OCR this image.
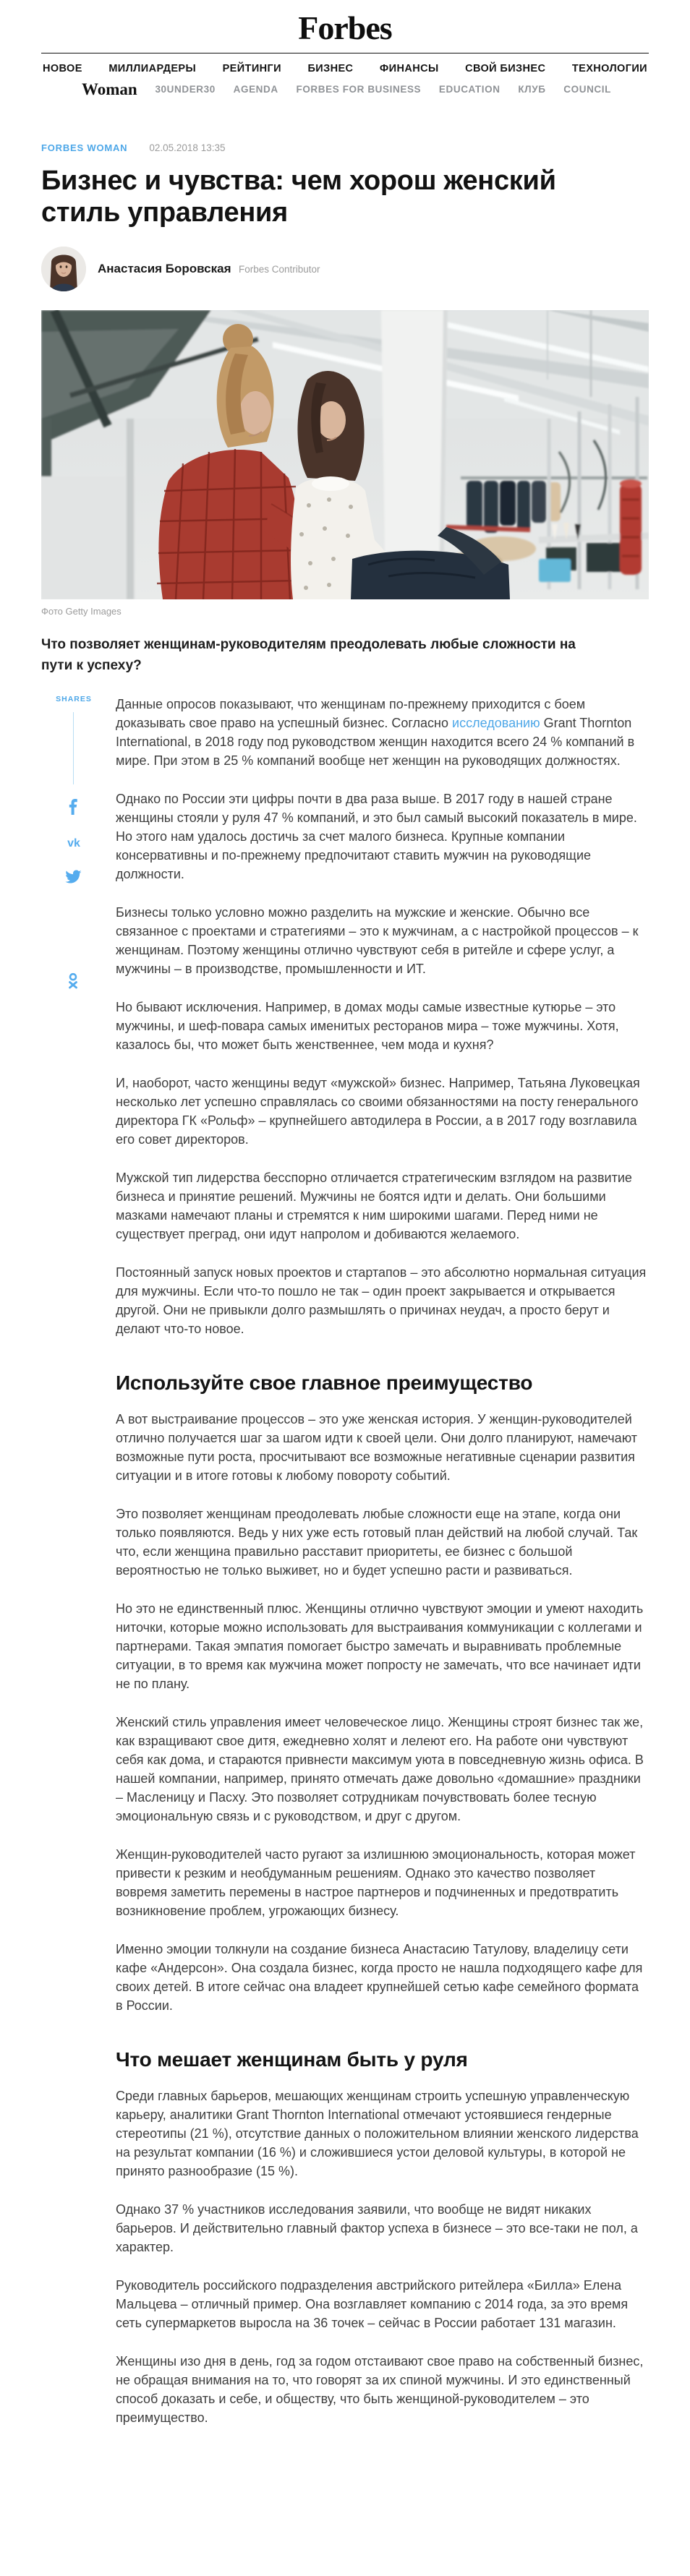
Forbes
НОВОЕ	МИЛЛИАРДЕРЫ	РЕЙТИНГИ	БИЗНЕС	ФИНАНСЫ	СВОЙ БИЗНЕС	ТЕХНОЛОГИИ
Woman 30UNDER30 AGENDA FORBES FOR BUSINESS EDUCATION КЛУБ COUNCIL
FORBES WOMAN 02.05.2018 13:35
Бизнес и чувства: чем хорош женский стиль управления
Анастасия Боровская Forbes Contributor
Фото Getty Images

Что позволяет женщинам-руководителям преодолевать любые сложности на пути к успеху?

SHARES
vk

Данные опросов показывают, что женщинам по-прежнему приходится с боем доказывать свое право на успешный бизнес. Согласно исследованию Grant Thornton International, в 2018 году под руководством женщин находится всего 24 % компаний в мире. При этом в 25 % компаний вообще нет женщин на руководящих должностях.

Однако по России эти цифры почти в два раза выше. В 2017 году в нашей стране женщины стояли у руля 47 % компаний, и это был самый высокий показатель в мире. Но этого нам удалось достичь за счет малого бизнеса. Крупные компании консервативны и по-прежнему предпочитают ставить мужчин на руководящие должности.

Бизнесы только условно можно разделить на мужские и женские. Обычно все связанное с проектами и стратегиями – это к мужчинам, а с настройкой процессов – к женщинам. Поэтому женщины отлично чувствуют себя в ритейле и сфере услуг, а мужчины – в производстве, промышленности и ИТ.

Но бывают исключения. Например, в домах моды самые известные кутюрье – это мужчины, и шеф-повара самых именитых ресторанов мира – тоже мужчины. Хотя, казалось бы, что может быть женственнее, чем мода и кухня?

И, наоборот, часто женщины ведут «мужской» бизнес. Например, Татьяна Луковецкая несколько лет успешно справлялась со своими обязанностями на посту генерального директора ГК «Рольф» – крупнейшего автодилера в России, а в 2017 году возглавила его совет директоров.

Мужской тип лидерства бесспорно отличается стратегическим взглядом на развитие бизнеса и принятие решений. Мужчины не боятся идти и делать. Они большими мазками намечают планы и стремятся к ним широкими шагами. Перед ними не существует преград, они идут напролом и добиваются желаемого.

Постоянный запуск новых проектов и стартапов – это абсолютно нормальная ситуация для мужчины. Если что-то пошло не так – один проект закрывается и открывается другой. Они не привыкли долго размышлять о причинах неудач, а просто берут и делают что-то новое.

Используйте свое главное преимущество

А вот выстраивание процессов – это уже женская история. У женщин-руководителей отлично получается шаг за шагом идти к своей цели. Они долго планируют, намечают возможные пути роста, просчитывают все возможные негативные сценарии развития ситуации и в итоге готовы к любому повороту событий.

Это позволяет женщинам преодолевать любые сложности еще на этапе, когда они только появляются. Ведь у них уже есть готовый план действий на любой случай. Так что, если женщина правильно расставит приоритеты, ее бизнес с большой вероятностью не только выживет, но и будет успешно расти и развиваться.

Но это не единственный плюс. Женщины отлично чувствуют эмоции и умеют находить ниточки, которые можно использовать для выстраивания коммуникации с коллегами и партнерами. Такая эмпатия помогает быстро замечать и выравнивать проблемные ситуации, в то время как мужчина может попросту не замечать, что все начинает идти не по плану.

Женский стиль управления имеет человеческое лицо. Женщины строят бизнес так же, как взращивают свое дитя, ежедневно холят и лелеют его. На работе они чувствуют себя как дома, и стараются привнести максимум уюта в повседневную жизнь офиса. В нашей компании, например, принято отмечать даже довольно «домашние» праздники – Масленицу и Пасху. Это позволяет сотрудникам почувствовать более тесную эмоциональную связь и с руководством, и друг с другом.

Женщин-руководителей часто ругают за излишнюю эмоциональность, которая может привести к резким и необдуманным решениям. Однако это качество позволяет вовремя заметить перемены в настрое партнеров и подчиненных и предотвратить возникновение проблем, угрожающих бизнесу.

Именно эмоции толкнули на создание бизнеса Анастасию Татулову, владелицу сети кафе «Андерсон». Она создала бизнес, когда просто не нашла подходящего кафе для своих детей. В итоге сейчас она владеет крупнейшей сетью кафе семейного формата в России.

Что мешает женщинам быть у руля

Среди главных барьеров, мешающих женщинам строить успешную управленческую карьеру, аналитики Grant Thornton International отмечают устоявшиеся гендерные стереотипы (21 %), отсутствие данных о положительном влиянии женского лидерства на результат компании (16 %) и сложившиеся устои деловой культуры, в которой не принято разнообразие (15 %).

Однако 37 % участников исследования заявили, что вообще не видят никаких барьеров. И действительно главный фактор успеха в бизнесе – это все-таки не пол, а характер.

Руководитель российского подразделения австрийского ритейлера «Билла» Елена Мальцева – отличный пример. Она возглавляет компанию с 2014 года, за это время сеть супермаркетов выросла на 36 точек – сейчас в России работает 131 магазин.

Женщины изо дня в день, год за годом отстаивают свое право на собственный бизнес, не обращая внимания на то, что говорят за их спиной мужчины. И это единственный способ доказать и себе, и обществу, что быть женщиной-руководителем – это преимущество.
